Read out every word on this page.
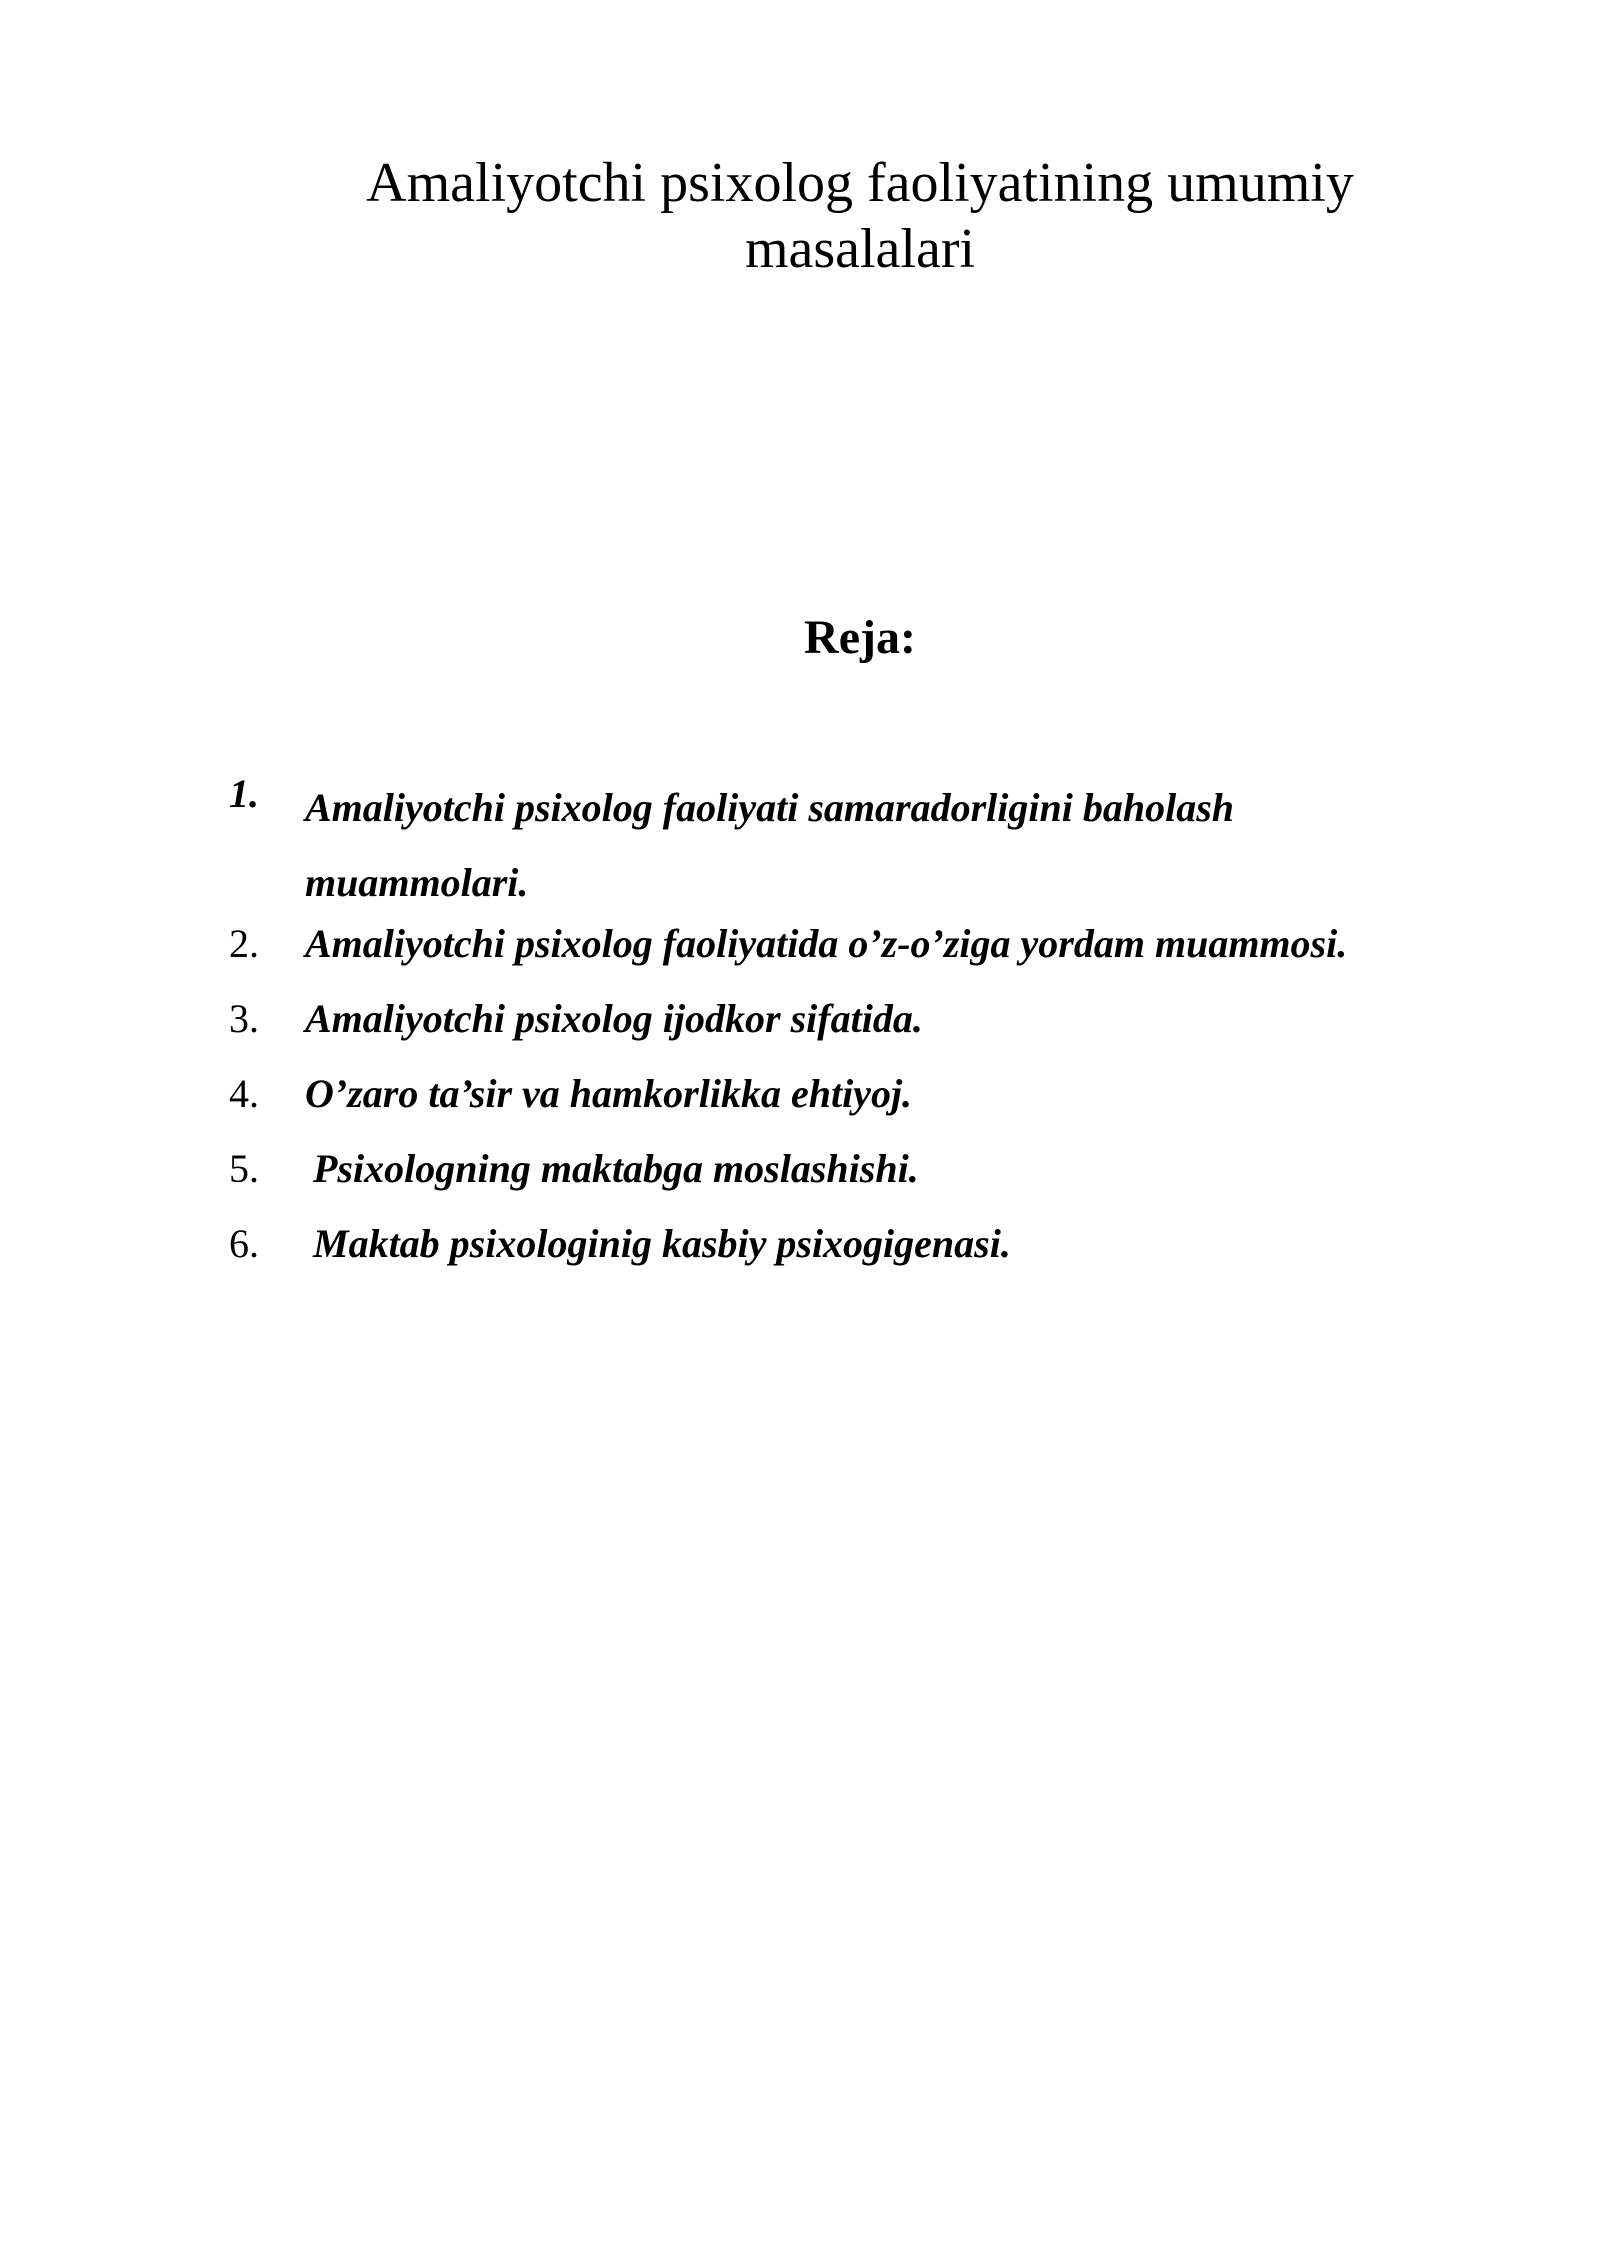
Amaliyotchi psixolog faoliyatining umumiy
masalalari
Reja:
1. Amaliyotchi psixolog faoliyati samaradorligini baholash
muammolari.
2. Amaliyotchi psixolog faoliyatida o’z-o’ziga yordam muammosi.
3. Amaliyotchi psixolog ijodkor sifatida.
4. O’zaro ta’sir va hamkorlikka ehtiyoj.
5. Psixologning maktabga moslashishi.
6. Maktab psixologinig kasbiy psixogigenasi.
